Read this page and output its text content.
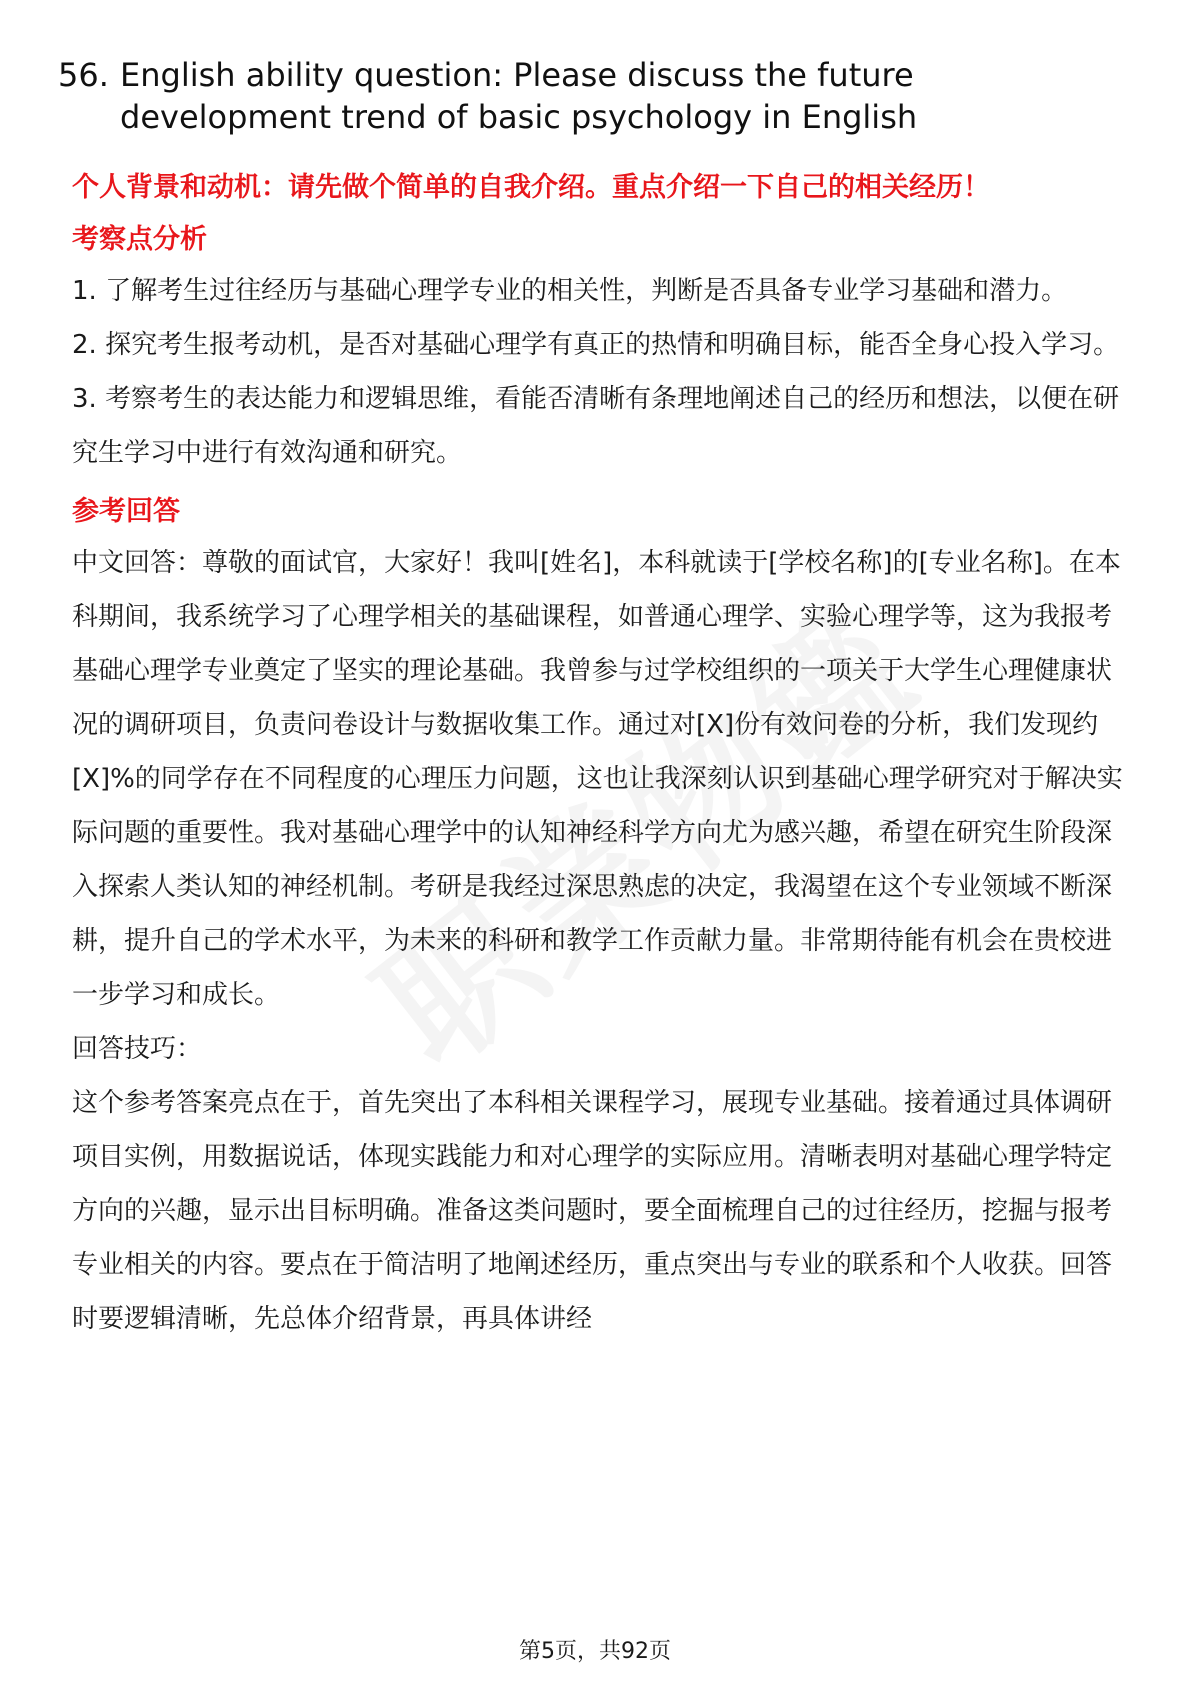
56. English ability question: Please discuss the future development trend of basic psychology in English

个人背景和动机：请先做个简单的自我介绍。重点介绍一下自己的相关经历！

考察点分析

1. 了解考生过往经历与基础心理学专业的相关性，判断是否具备专业学习基础和潜力。

2. 探究考生报考动机，是否对基础心理学有真正的热情和明确目标，能否全身心投入学习。

3. 考察考生的表达能力和逻辑思维，看能否清晰有条理地阐述自己的经历和想法，以便在研究生学习中进行有效沟通和研究。

参考回答

中文回答：尊敬的面试官，大家好！我叫[姓名]，本科就读于[学校名称]的[专业名称]。在本科期间，我系统学习了心理学相关的基础课程，如普通心理学、实验心理学等，这为我报考基础心理学专业奠定了坚实的理论基础。我曾参与过学校组织的一项关于大学生心理健康状况的调研项目，负责问卷设计与数据收集工作。通过对[X]份有效问卷的分析，我们发现约[X]%的同学存在不同程度的心理压力问题，这也让我深刻认识到基础心理学研究对于解决实际问题的重要性。我对基础心理学中的认知神经科学方向尤为感兴趣，希望在研究生阶段深入探索人类认知的神经机制。考研是我经过深思熟虑的决定，我渴望在这个专业领域不断深耕，提升自己的学术水平，为未来的科研和教学工作贡献力量。非常期待能有机会在贵校进一步学习和成长。

回答技巧：

这个参考答案亮点在于，首先突出了本科相关课程学习，展现专业基础。接着通过具体调研项目实例，用数据说话，体现实践能力和对心理学的实际应用。清晰表明对基础心理学特定方向的兴趣，显示出目标明确。准备这类问题时，要全面梳理自己的过往经历，挖掘与报考专业相关的内容。要点在于简洁明了地阐述经历，重点突出与专业的联系和个人收获。回答时要逻辑清晰，先总体介绍背景，再具体讲经

第5页，共92页
